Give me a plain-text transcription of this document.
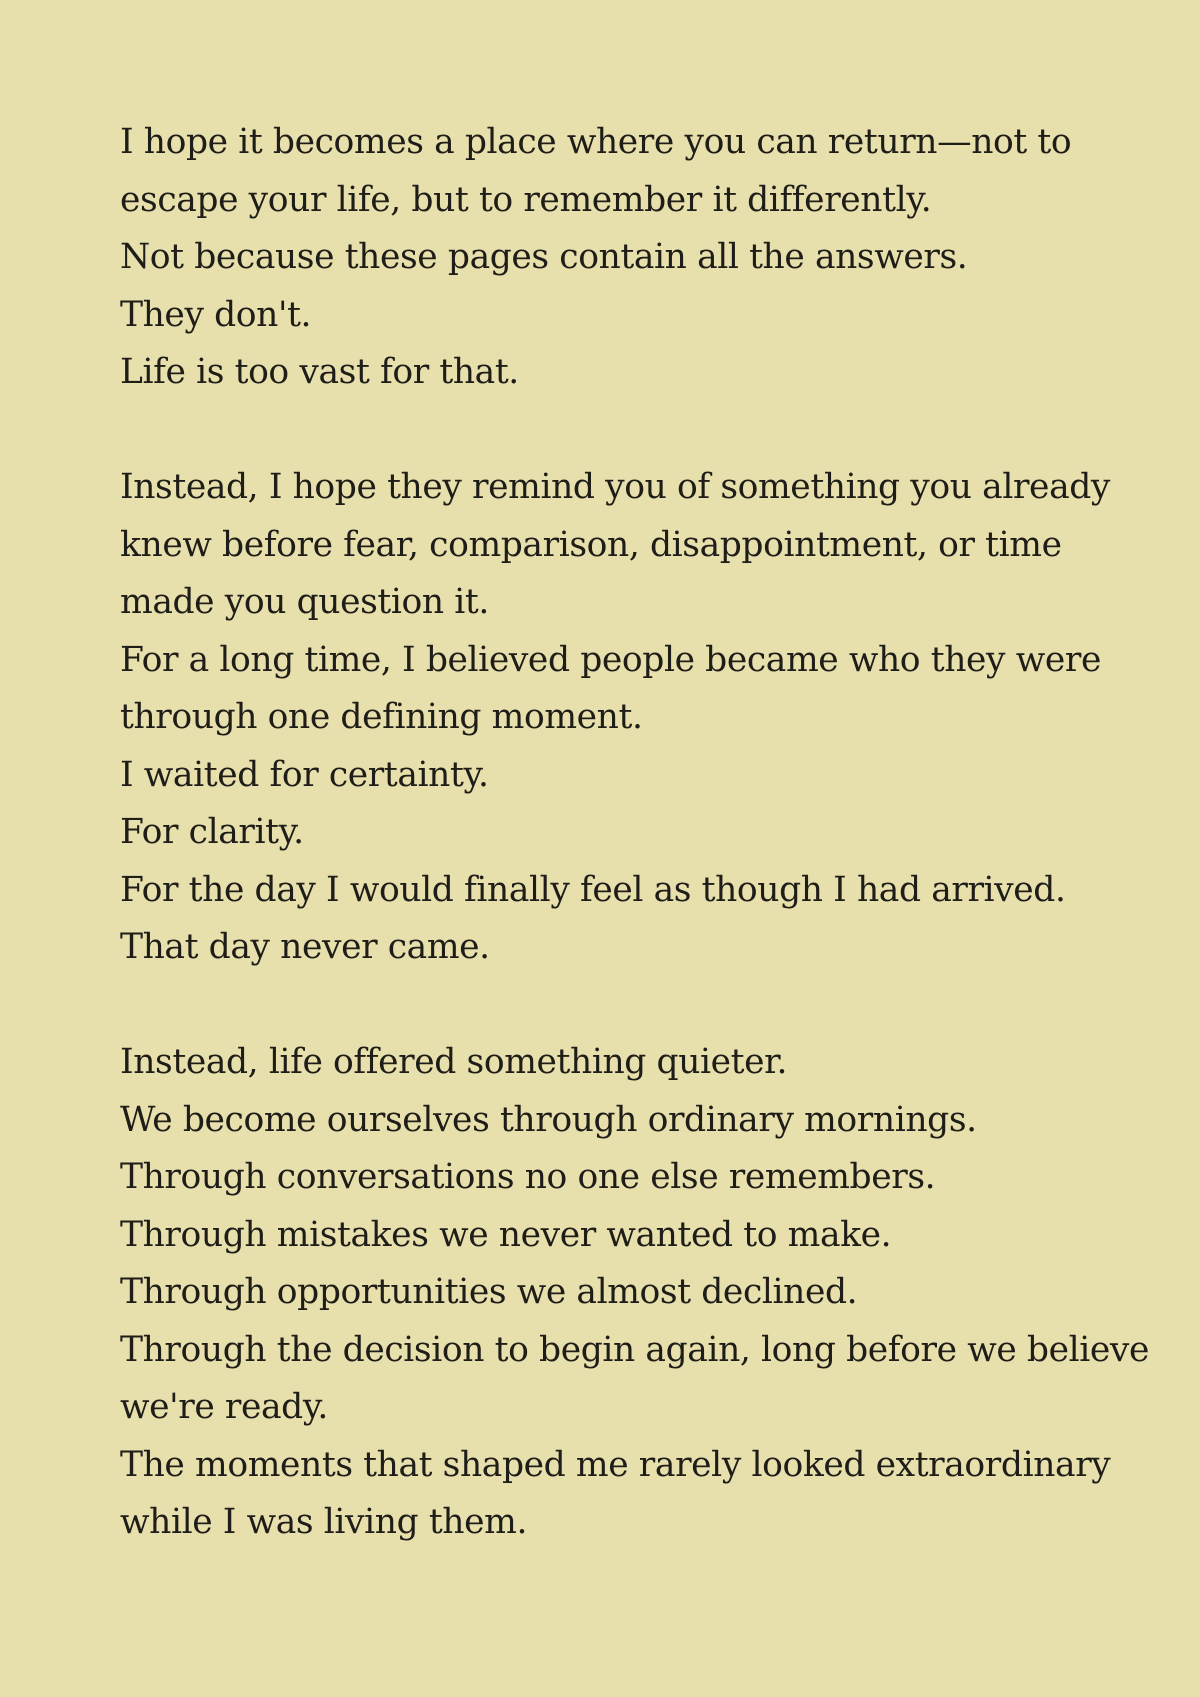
I hope it becomes a place where you can return—not to
escape your life, but to remember it differently.
Not because these pages contain all the answers.
They don't.
Life is too vast for that.
Instead, I hope they remind you of something you already
knew before fear, comparison, disappointment, or time
made you question it.
For a long time, I believed people became who they were
through one defining moment.
I waited for certainty.
For clarity.
For the day I would finally feel as though I had arrived.
That day never came.
Instead, life offered something quieter.
We become ourselves through ordinary mornings.
Through conversations no one else remembers.
Through mistakes we never wanted to make.
Through opportunities we almost declined.
Through the decision to begin again, long before we believe
we're ready.
The moments that shaped me rarely looked extraordinary
while I was living them.
